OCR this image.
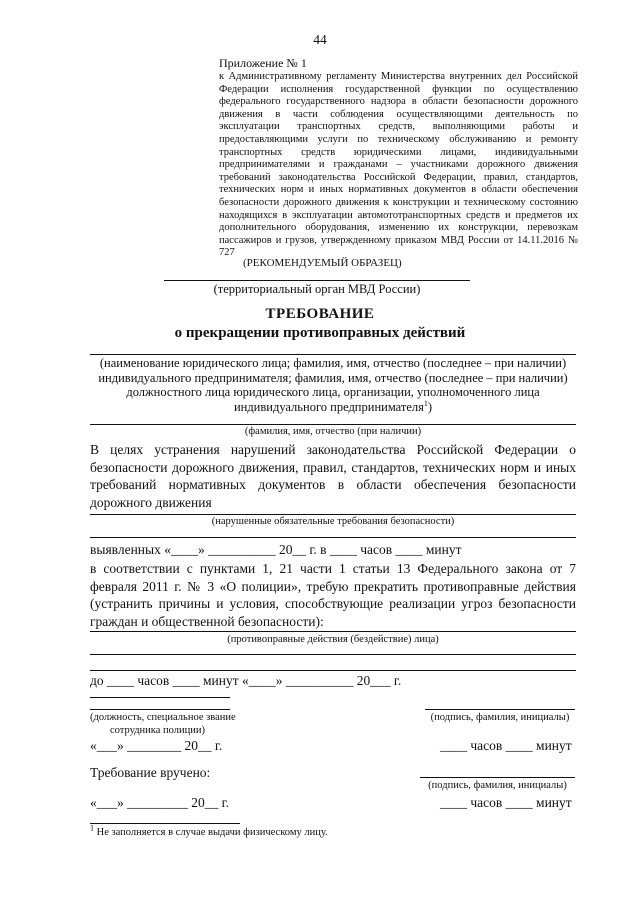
44
Приложение № 1
к Административному регламенту Министерства внутренних дел Российской Федерации исполнения государственной функции по осуществлению федерального государственного надзора в области безопасности дорожного движения в части соблюдения осуществляющими деятельность по эксплуатации транспортных средств, выполняющими работы и предоставляющими услуги по техническому обслуживанию и ремонту транспортных средств юридическими лицами, индивидуальными предпринимателями и гражданами – участниками дорожного движения требований законодательства Российской Федерации, правил, стандартов, технических норм и иных нормативных документов в области обеспечения безопасности дорожного движения к конструкции и техническому состоянию находящихся в эксплуатации автомототранспортных средств и предметов их дополнительного оборудования, изменению их конструкции, перевозкам пассажиров и грузов, утвержденному приказом МВД России от 14.11.2016 № 727
(РЕКОМЕНДУЕМЫЙ ОБРАЗЕЦ)
(территориальный орган МВД России)
ТРЕБОВАНИЕ
о прекращении противоправных действий
(наименование юридического лица; фамилия, имя, отчество (последнее – при наличии) индивидуального предпринимателя; фамилия, имя, отчество (последнее – при наличии) должностного лица юридического лица, организации, уполномоченного лица индивидуального предпринимателя$^1$)
(фамилия, имя, отчество (при наличии)
В целях устранения нарушений законодательства Российской Федерации о безопасности дорожного движения, правил, стандартов, технических норм и иных требований нормативных документов в области обеспечения безопасности дорожного движения
(нарушенные обязательные требования безопасности)
выявленных «____» __________ 20__ г. в ____ часов ____ минут
в соответствии с пунктами 1, 21 части 1 статьи 13 Федерального закона от 7 февраля 2011 г. № 3 «О полиции», требую прекратить противоправные действия (устранить причины и условия, способствующие реализации угроз безопасности граждан и общественной безопасности):
(противоправные действия (бездействие) лица)
до ____ часов ____ минут «____» __________ 20___ г.
(должность, специальное звание
сотрудника полиции)
(подпись, фамилия, инициалы)
«___» ________ 20__ г.	____ часов ____ минут
Требование вручено:
(подпись, фамилия, инициалы)
«___» _________ 20__ г.	____ часов ____ минут
$^1$ Не заполняется в случае выдачи физическому лицу.
